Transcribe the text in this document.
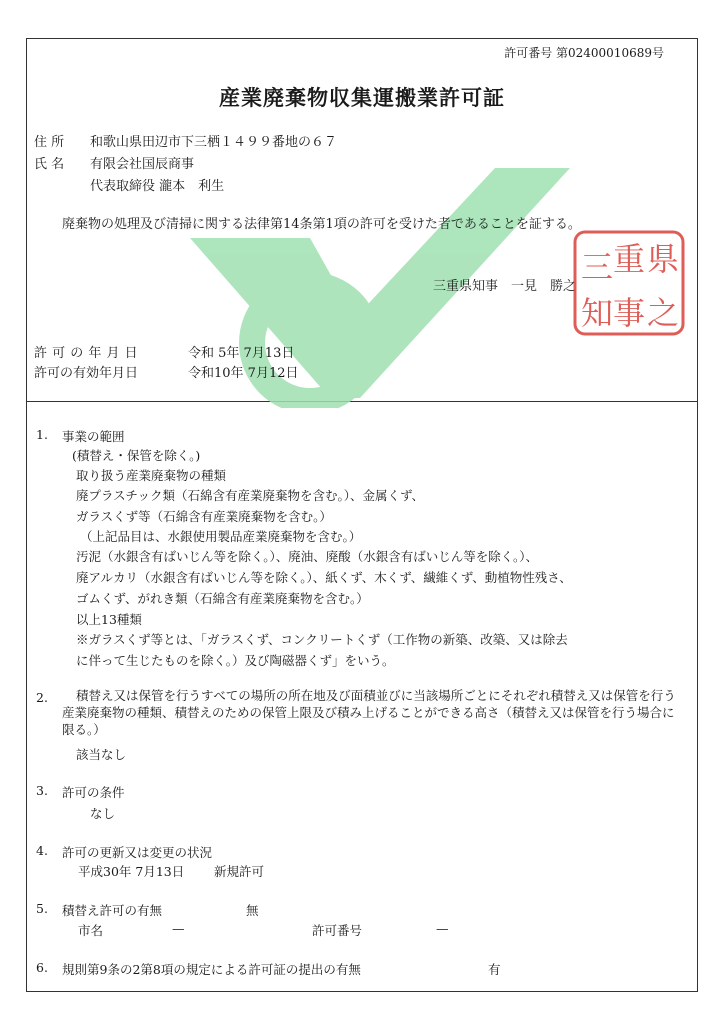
許可番号 第02400010689号
産業廃棄物収集運搬業許可証
住 所 和歌山県田辺市下三栖１４９９番地の６７
氏 名 有限会社国辰商事
代表取締役 瀧本　利生
廃棄物の処理及び清掃に関する法律第14条第1項の許可を受けた者であることを証する。
三重県知事　一見　勝之
三 重 県
知 事 之
許 可 の 年 月 日	令和 5年 7月13日
許可の有効年月日	令和10年 7月12日
1. 事業の範囲
(積替え・保管を除く。)
取り扱う産業廃棄物の種類
廃プラスチック類（石綿含有産業廃棄物を含む。）、金属くず、
ガラスくず等（石綿含有産業廃棄物を含む。）
（上記品目は、水銀使用製品産業廃棄物を含む。）
汚泥（水銀含有ばいじん等を除く。）、廃油、廃酸（水銀含有ばいじん等を除く。）、
廃アルカリ（水銀含有ばいじん等を除く。）、紙くず、木くず、繊維くず、動植物性残さ、
ゴムくず、がれき類（石綿含有産業廃棄物を含む。）
以上13種類
※ガラスくず等とは、「ガラスくず、コンクリートくず（工作物の新築、改築、又は除去
に伴って生じたものを除く。）及び陶磁器くず」をいう。
2.	積替え又は保管を行うすべての場所の所在地及び面積並びに当該場所ごとにそれぞれ積替え又は保管を行う産業廃棄物の種類、積替えのための保管上限及び積み上げることができる高さ（積替え又は保管を行う場合に限る。）
該当なし
3. 許可の条件
なし
4. 許可の更新又は変更の状況
平成30年 7月13日 新規許可
5. 積替え許可の有無	無
市名	—	許可番号	—
6. 規則第9条の2第8項の規定による許可証の提出の有無	有
